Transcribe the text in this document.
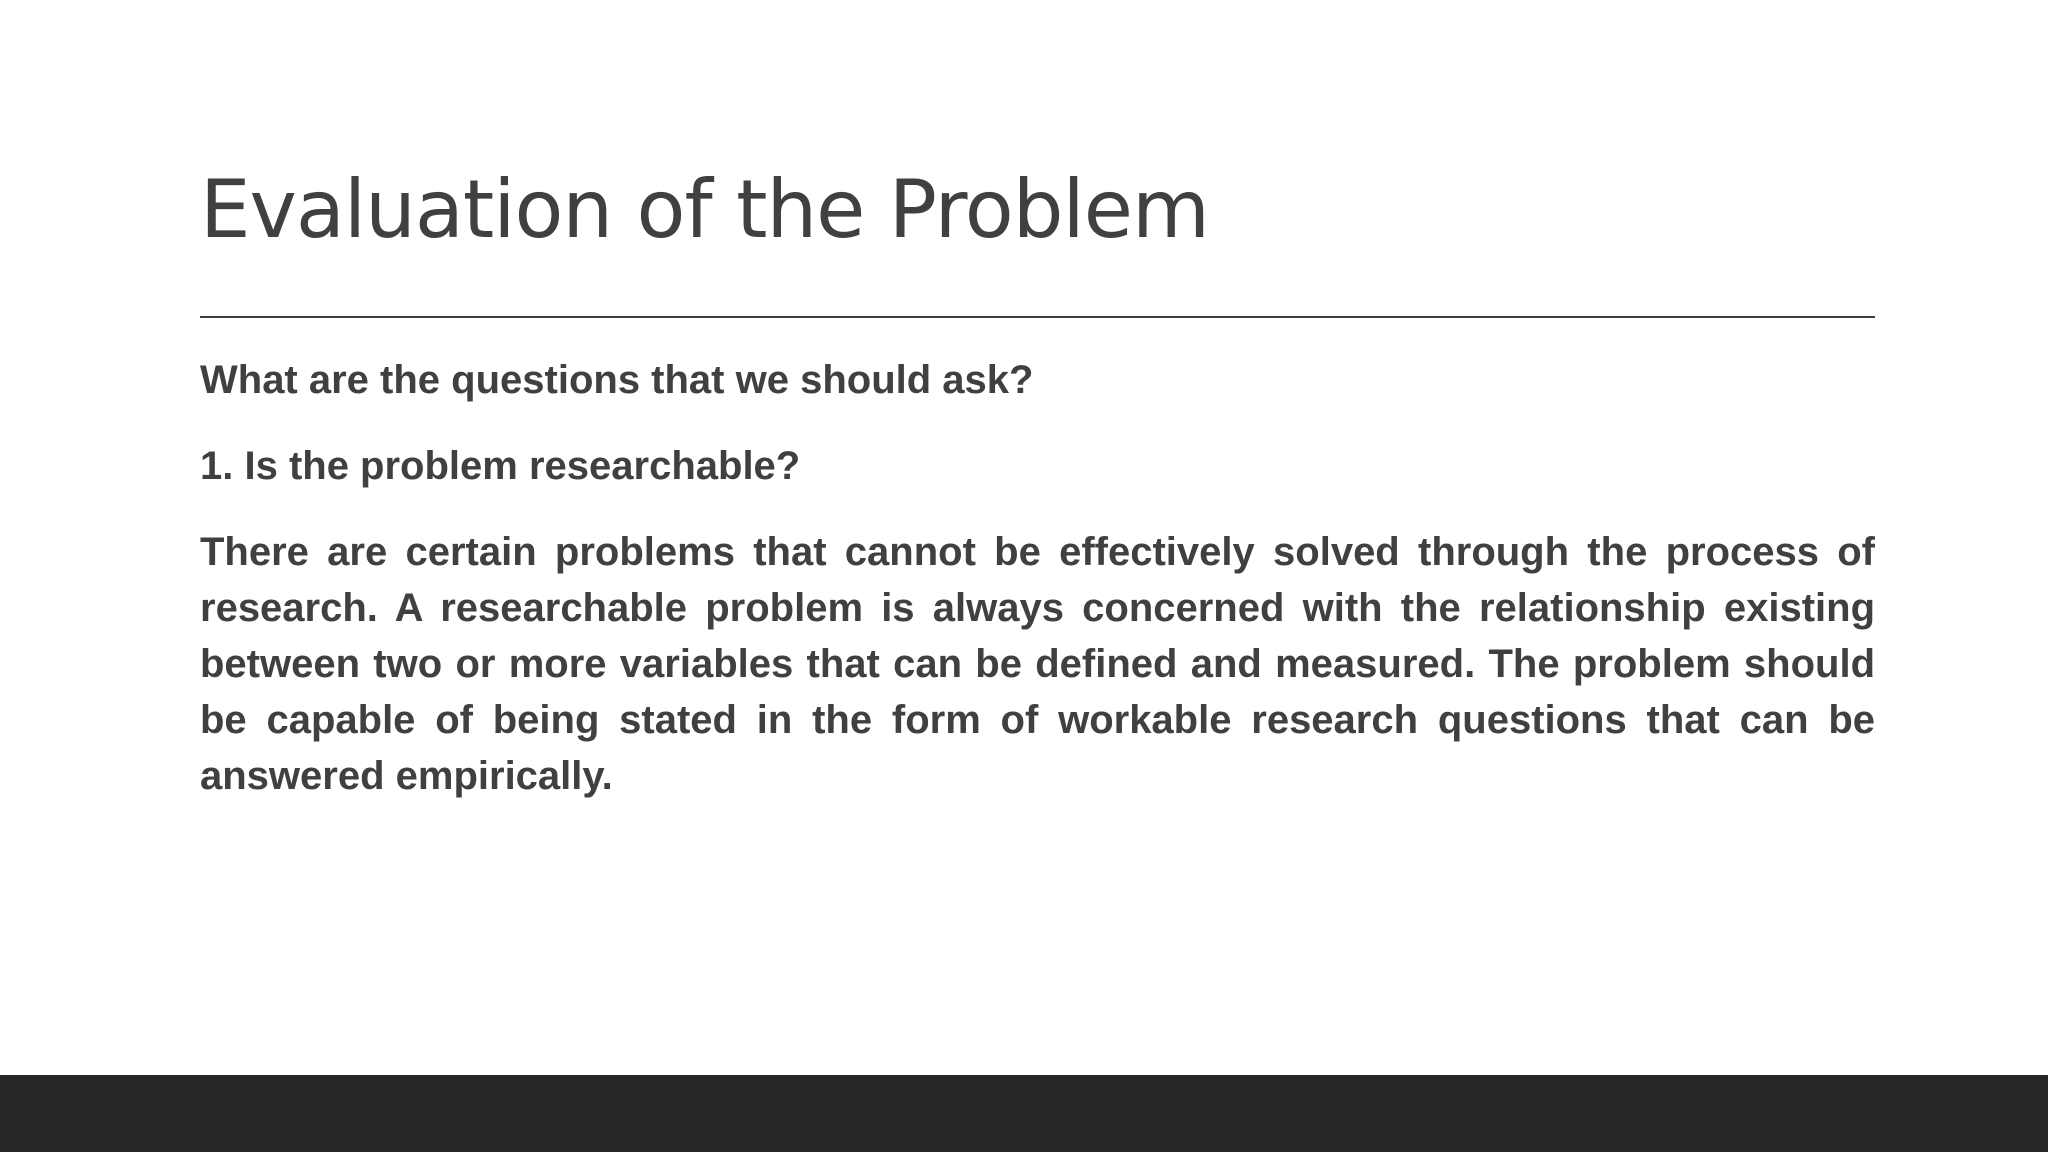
Evaluation of the Problem

What are the questions that we should ask?

1. Is the problem researchable?

There are certain problems that cannot be effectively solved through the process of research. A researchable problem is always concerned with the relationship existing between two or more variables that can be defined and measured. The problem should be capable of being stated in the form of workable research questions that can be answered empirically.
